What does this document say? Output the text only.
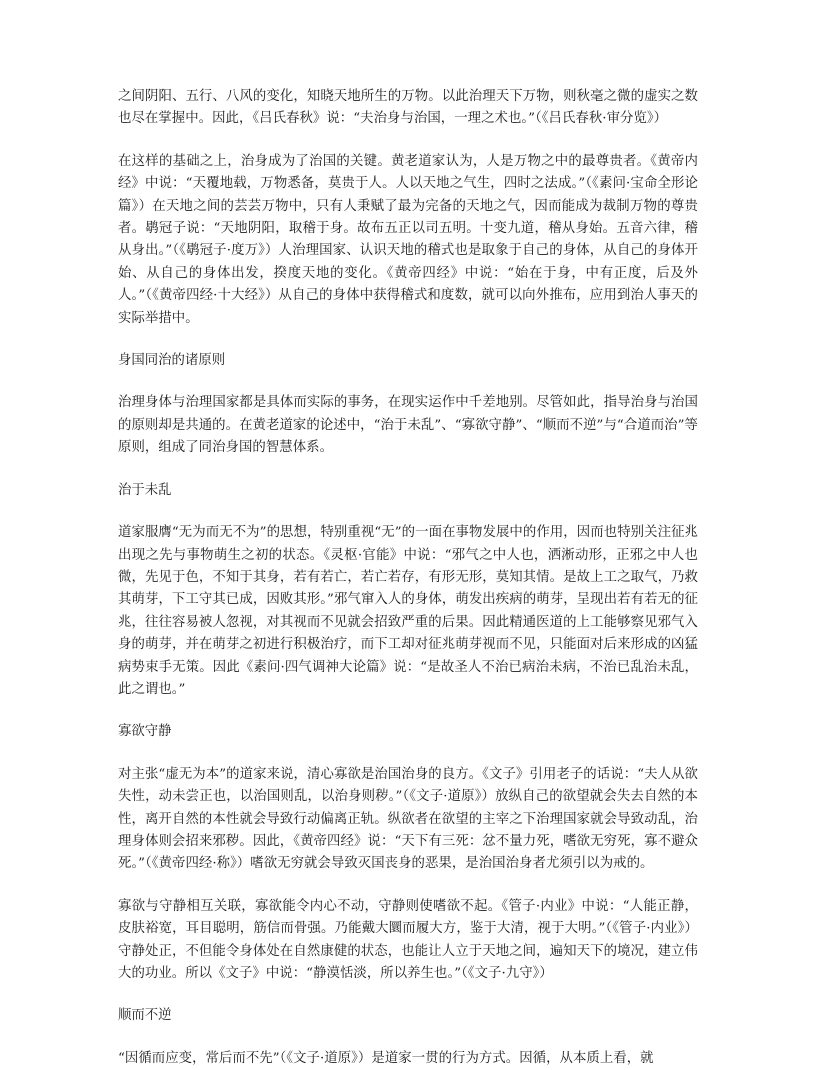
之间阴阳、五行、八风的变化，知晓天地所生的万物。以此治理天下万物，则秋毫之微的虚实之数也尽在掌握中。因此，《吕氏春秋》说：“夫治身与治国，一理之术也。”（《吕氏春秋·审分览》）

在这样的基础之上，治身成为了治国的关键。黄老道家认为，人是万物之中的最尊贵者。《黄帝内经》中说：“天覆地载，万物悉备，莫贵于人。人以天地之气生，四时之法成。”（《素问·宝命全形论篇》）在天地之间的芸芸万物中，只有人秉赋了最为完备的天地之气，因而能成为裁制万物的尊贵者。鹖冠子说：“天地阴阳，取稽于身。故布五正以司五明。十变九道，稽从身始。五音六律，稽从身出。”（《鹖冠子·度万》）人治理国家、认识天地的稽式也是取象于自己的身体，从自己的身体开始、从自己的身体出发，揆度天地的变化。《黄帝四经》中说：“始在于身，中有正度，后及外人。”（《黄帝四经·十大经》）从自己的身体中获得稽式和度数，就可以向外推布，应用到治人事天的实际举措中。

身国同治的诸原则

治理身体与治理国家都是具体而实际的事务，在现实运作中千差地别。尽管如此，指导治身与治国的原则却是共通的。在黄老道家的论述中，“治于未乱”、“寡欲守静”、“顺而不逆”与“合道而治”等原则，组成了同治身国的智慧体系。

治于未乱

道家服膺“无为而无不为”的思想，特别重视“无”的一面在事物发展中的作用，因而也特别关注征兆出现之先与事物萌生之初的状态。《灵枢·官能》中说：“邪气之中人也，洒淅动形，正邪之中人也微，先见于色，不知于其身，若有若亡，若亡若存，有形无形，莫知其情。是故上工之取气，乃救其萌芽，下工守其已成，因败其形。”邪气窜入人的身体，萌发出疾病的萌芽，呈现出若有若无的征兆，往往容易被人忽视，对其视而不见就会招致严重的后果。因此精通医道的上工能够察见邪气入身的萌芽，并在萌芽之初进行积极治疗，而下工却对征兆萌芽视而不见，只能面对后来形成的凶猛病势束手无策。因此《素问·四气调神大论篇》说：“是故圣人不治已病治未病，不治已乱治未乱，此之谓也。”

寡欲守静

对主张“虚无为本”的道家来说，清心寡欲是治国治身的良方。《文子》引用老子的话说：“夫人从欲失性，动未尝正也，以治国则乱，以治身则秽。”（《文子·道原》）放纵自己的欲望就会失去自然的本性，离开自然的本性就会导致行动偏离正轨。纵欲者在欲望的主宰之下治理国家就会导致动乱，治理身体则会招来邪秽。因此，《黄帝四经》说：“天下有三死：忿不量力死，嗜欲无穷死，寡不避众死。”（《黄帝四经·称》）嗜欲无穷就会导致灭国丧身的恶果，是治国治身者尤须引以为戒的。

寡欲与守静相互关联，寡欲能令内心不动，守静则使嗜欲不起。《管子·内业》中说：“人能正静，皮肤裕宽，耳目聪明，筋信而骨强。乃能戴大圜而履大方，鉴于大清，视于大明。”（《管子·内业》）守静处正，不但能令身体处在自然康健的状态，也能让人立于天地之间，遍知天下的境况，建立伟大的功业。所以《文子》中说：“静漠恬淡，所以养生也。”（《文子·九守》）

顺而不逆

“因循而应变，常后而不先”（《文子·道原》）是道家一贯的行为方式。因循，从本质上看，就
